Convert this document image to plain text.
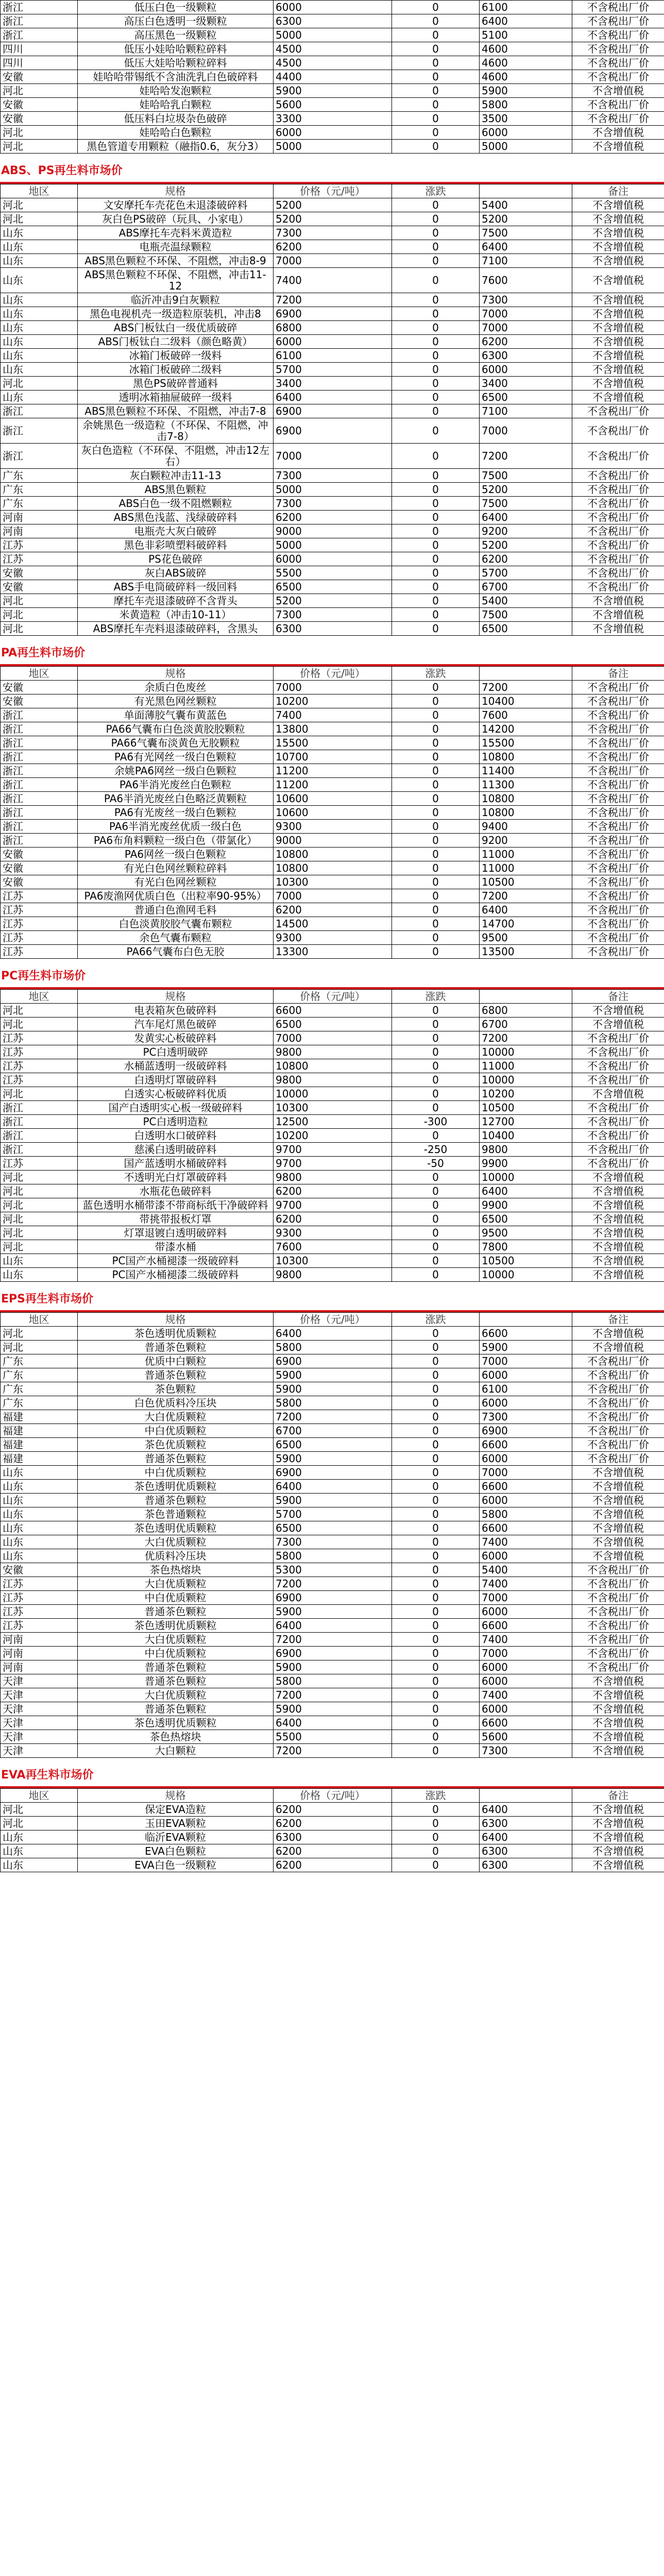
浙江	低压白色一级颗粒	6000	0	6100	不含税出厂价
浙江	高压白色透明一级颗粒	6300	0	6400	不含税出厂价
浙江	高压黑色一级颗粒	5000	0	5100	不含税出厂价
四川	低压小娃哈哈颗粒碎料	4500	0	4600	不含税出厂价
四川	低压大娃哈哈颗粒碎料	4500	0	4600	不含税出厂价
安徽	娃哈哈带锡纸不含油洗乳白色破碎料	4400	0	4600	不含税出厂价
河北	娃哈哈发泡颗粒	5900	0	5900	不含增值税
安徽	娃哈哈乳白颗粒	5600	0	5800	不含税出厂价
安徽	低压料白垃圾杂色破碎	3300	0	3500	不含税出厂价
河北	娃哈哈白色颗粒	6000	0	6000	不含增值税
河北	黑色管道专用颗粒（融指0.6，灰分3）	5000	0	5000	不含增值税
ABS、PS再生料市场价
地区	规格	价格（元/吨）	涨跌		备注
河北	文安摩托车壳花色未退漆破碎料	5200	0	5400	不含增值税
河北	灰白色PS破碎（玩具、小家电）	5200	0	5200	不含增值税
山东	ABS摩托车壳料米黄造粒	7300	0	7500	不含增值税
山东	电瓶壳温绿颗粒	6200	0	6400	不含增值税
山东	ABS黑色颗粒不环保、不阻燃，冲击8-9	7000	0	7100	不含增值税
山东	ABS黑色颗粒不环保、不阻燃，冲击11-12	7400	0	7600	不含增值税
山东	临沂冲击9白灰颗粒	7200	0	7300	不含增值税
山东	黑色电视机壳一级造粒原装机，冲击8	6900	0	7000	不含增值税
山东	ABS门板钛白一级优质破碎	6800	0	7000	不含增值税
山东	ABS门板钛白二级料（颜色略黄）	6000	0	6200	不含增值税
山东	冰箱门板破碎一级料	6100	0	6300	不含增值税
山东	冰箱门板破碎二级料	5700	0	6000	不含增值税
河北	黑色PS破碎普通料	3400	0	3400	不含增值税
山东	透明冰箱抽屉破碎一级料	6400	0	6500	不含增值税
浙江	ABS黑色颗粒不环保、不阻燃，冲击7-8	6900	0	7100	不含税出厂价
浙江	余姚黑色一级造粒（不环保、不阻燃，冲击7-8）	6900	0	7000	不含税出厂价
浙江	灰白色造粒（不环保、不阻燃，冲击12左右）	7000	0	7200	不含税出厂价
广东	灰白颗粒冲击11-13	7300	0	7500	不含税出厂价
广东	ABS黑色颗粒	5000	0	5200	不含税出厂价
广东	ABS白色一级不阻燃颗粒	7300	0	7500	不含税出厂价
河南	ABS黑色浅蓝、浅绿破碎料	6200	0	6400	不含税出厂价
河南	电瓶壳大灰白破碎	9000	0	9200	不含税出厂价
江苏	黑色非彩喷塑料破碎料	5000	0	5200	不含税出厂价
江苏	PS花色破碎	6000	0	6200	不含税出厂价
安徽	灰白ABS破碎	5500	0	5700	不含税出厂价
安徽	ABS手电筒破碎料一级回料	6500	0	6700	不含税出厂价
河北	摩托车壳退漆破碎不含背头	5200	0	5400	不含增值税
河北	米黄造粒（冲击10-11）	7300	0	7500	不含增值税
河北	ABS摩托车壳料退漆破碎料，含黑头	6300	0	6500	不含增值税
PA再生料市场价
地区	规格	价格（元/吨）	涨跌		备注
安徽	余质白色废丝	7000	0	7200	不含税出厂价
安徽	有光黑色网丝颗粒	10200	0	10400	不含税出厂价
浙江	单面薄胶气囊布黄蓝色	7400	0	7600	不含税出厂价
浙江	PA66气囊布白色淡黄胶胶颗粒	13800	0	14200	不含税出厂价
浙江	PA66气囊布淡黄色无胶颗粒	15500	0	15500	不含税出厂价
浙江	PA6有光网丝一级白色颗粒	10700	0	10800	不含税出厂价
浙江	余姚PA6网丝一级白色颗粒	11200	0	11400	不含税出厂价
浙江	PA6半消光废丝白色颗粒	11200	0	11300	不含税出厂价
浙江	PA6半消光废丝白色略泛黄颗粒	10600	0	10800	不含税出厂价
浙江	PA6有光废丝一级白色颗粒	10600	0	10800	不含税出厂价
浙江	PA6半消光废丝优质一级白色	9300	0	9400	不含税出厂价
浙江	PA6布角料颗粒一级白色（带氯化）	9000	0	9200	不含税出厂价
安徽	PA6网丝一级白色颗粒	10800	0	11000	不含税出厂价
安徽	有光白色网丝颗粒碎料	10800	0	11000	不含税出厂价
安徽	有光白色网丝颗粒	10300	0	10500	不含税出厂价
江苏	PA6废渔网优质白色（出粒率90-95%）	7000	0	7200	不含税出厂价
江苏	普通白色渔网毛料	6200	0	6400	不含税出厂价
江苏	白色淡黄胶胶气囊布颗粒	14500	0	14700	不含税出厂价
江苏	余色气囊布颗粒	9300	0	9500	不含税出厂价
江苏	PA66气囊布白色无胶	13300	0	13500	不含税出厂价
PC再生料市场价
地区	规格	价格（元/吨）	涨跌		备注
河北	电表箱灰色破碎料	6600	0	6800	不含增值税
河北	汽车尾灯黑色破碎	6500	0	6700	不含增值税
江苏	发黄实心板破碎料	7000	0	7200	不含税出厂价
江苏	PC白透明破碎	9800	0	10000	不含税出厂价
江苏	水桶蓝透明一级破碎料	10800	0	11000	不含税出厂价
江苏	白透明灯罩破碎料	9800	0	10000	不含税出厂价
河北	白透实心板破碎料优质	10000	0	10200	不含增值税
浙江	国产白透明实心板一级破碎料	10300	0	10500	不含税出厂价
浙江	PC白透明造粒	12500	-300	12700	不含税出厂价
浙江	白透明水口破碎料	10200	0	10400	不含税出厂价
浙江	慈溪白透明破碎料	9700	-250	9800	不含税出厂价
江苏	国产蓝透明水桶破碎料	9700	-50	9900	不含税出厂价
河北	不透明光白灯罩破碎料	9800	0	10000	不含增值税
河北	水瓶花色破碎料	6200	0	6400	不含增值税
河北	蓝色透明水桶带漆不带商标纸干净破碎料	9700	0	9900	不含增值税
河北	带挑带报板灯罩	6200	0	6500	不含增值税
河北	灯罩退镀白透明破碎料	9300	0	9500	不含增值税
河北	带漆水桶	7600	0	7800	不含增值税
山东	PC国产水桶褪漆一级破碎料	10300	0	10500	不含增值税
山东	PC国产水桶褪漆二级破碎料	9800	0	10000	不含增值税
EPS再生料市场价
地区	规格	价格（元/吨）	涨跌		备注
河北	茶色透明优质颗粒	6400	0	6600	不含增值税
河北	普通茶色颗粒	5800	0	5900	不含增值税
广东	优质中白颗粒	6900	0	7000	不含税出厂价
广东	普通茶色颗粒	5900	0	6000	不含税出厂价
广东	茶色颗粒	5900	0	6100	不含税出厂价
广东	白色优质料冷压块	5800	0	6000	不含税出厂价
福建	大白优质颗粒	7200	0	7300	不含税出厂价
福建	中白优质颗粒	6700	0	6900	不含税出厂价
福建	茶色优质颗粒	6500	0	6600	不含税出厂价
福建	普通茶色颗粒	5900	0	6000	不含税出厂价
山东	中白优质颗粒	6900	0	7000	不含增值税
山东	茶色透明优质颗粒	6400	0	6600	不含增值税
山东	普通茶色颗粒	5900	0	6000	不含增值税
山东	茶色普通颗粒	5700	0	5800	不含增值税
山东	茶色透明优质颗粒	6500	0	6600	不含增值税
山东	大白优质颗粒	7300	0	7400	不含增值税
山东	优质料冷压块	5800	0	6000	不含增值税
安徽	茶色热熔块	5300	0	5400	不含税出厂价
江苏	大白优质颗粒	7200	0	7400	不含税出厂价
江苏	中白优质颗粒	6900	0	7000	不含税出厂价
江苏	普通茶色颗粒	5900	0	6000	不含税出厂价
江苏	茶色透明优质颗粒	6400	0	6600	不含税出厂价
河南	大白优质颗粒	7200	0	7400	不含税出厂价
河南	中白优质颗粒	6900	0	7000	不含税出厂价
河南	普通茶色颗粒	5900	0	6000	不含税出厂价
天津	普通茶色颗粒	5800	0	6000	不含增值税
天津	大白优质颗粒	7200	0	7400	不含增值税
天津	普通茶色颗粒	5900	0	6000	不含增值税
天津	茶色透明优质颗粒	6400	0	6600	不含增值税
天津	茶色热熔块	5500	0	5600	不含增值税
天津	大白颗粒	7200	0	7300	不含增值税
EVA再生料市场价
地区	规格	价格（元/吨）	涨跌		备注
河北	保定EVA造粒	6200	0	6400	不含增值税
河北	玉田EVA颗粒	6200	0	6300	不含增值税
山东	临沂EVA颗粒	6300	0	6400	不含增值税
山东	EVA白色颗粒	6200	0	6300	不含增值税
山东	EVA白色一级颗粒	6200	0	6300	不含增值税
